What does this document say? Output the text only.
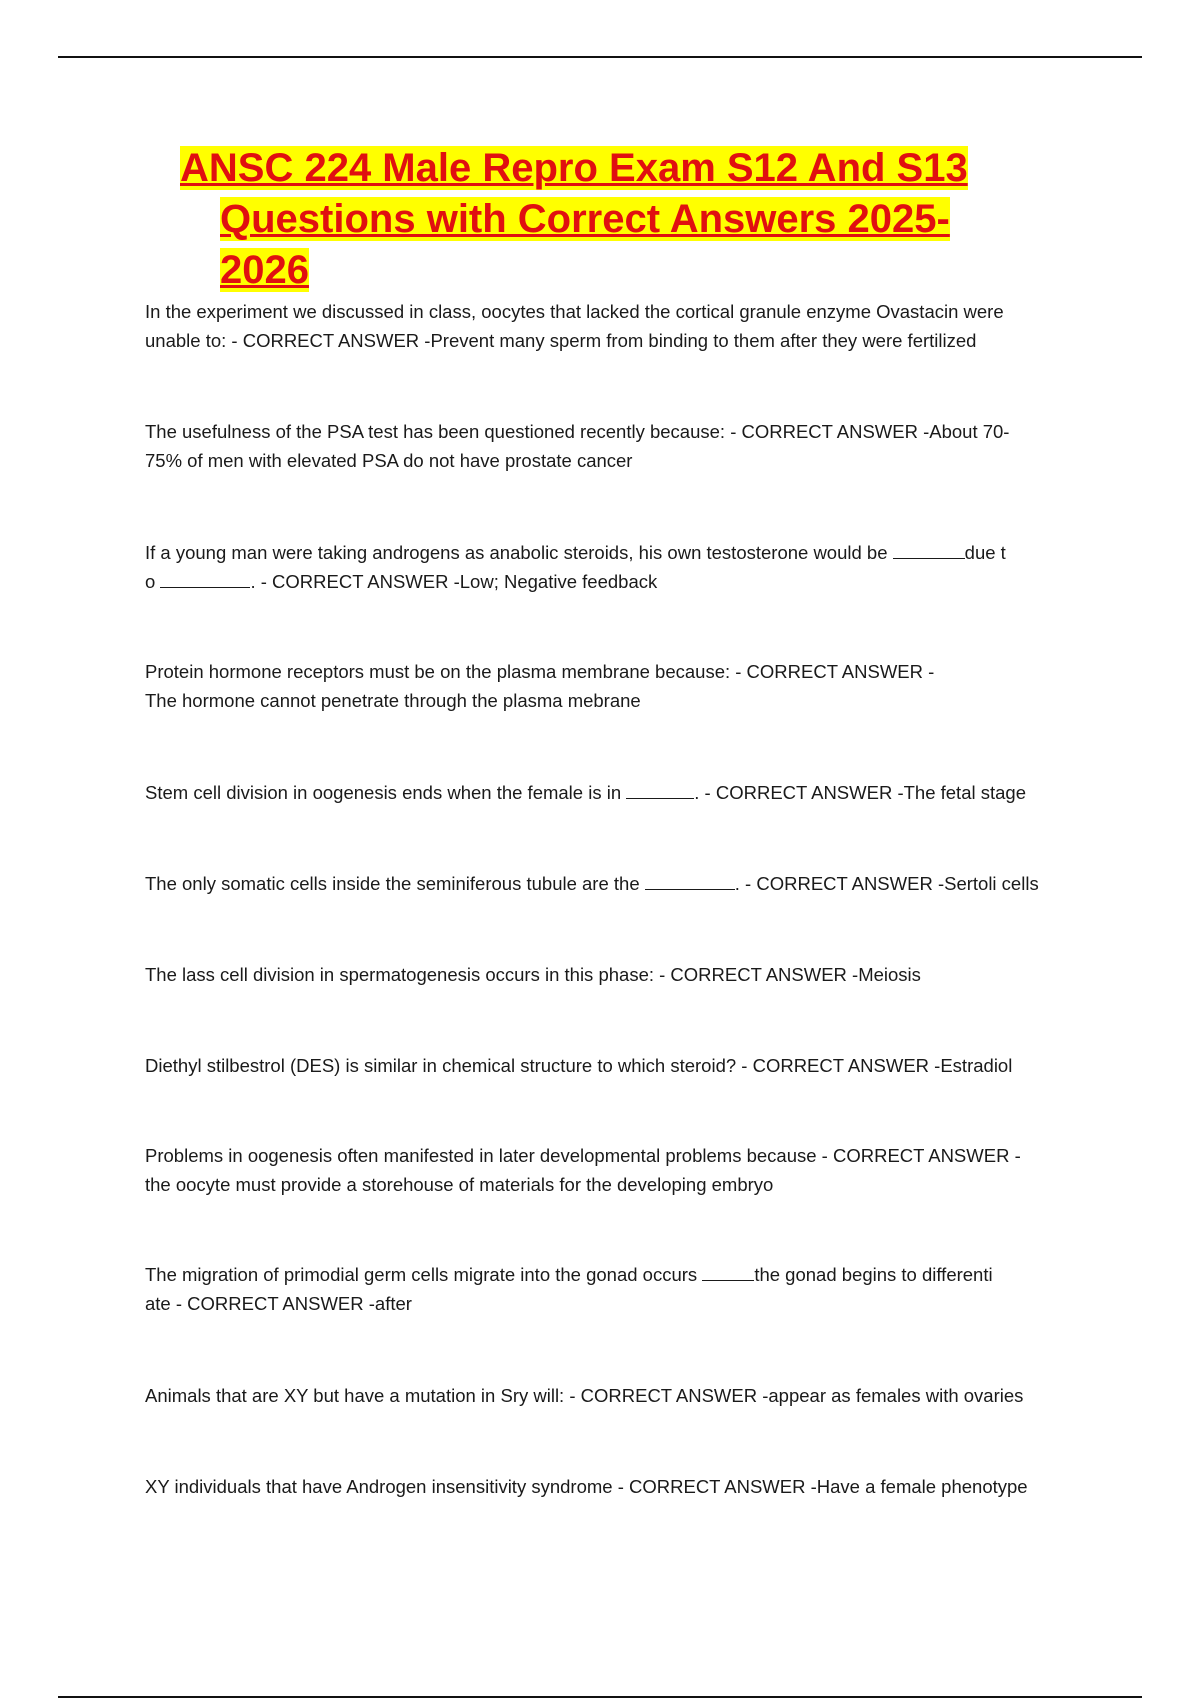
ANSC 224 Male Repro Exam S12 And S13
Questions with Correct Answers 2025-
2026

In the experiment we discussed in class, oocytes that lacked the cortical granule enzyme Ovastacin were
unable to: - CORRECT ANSWER -Prevent many sperm from binding to them after they were fertilized

The usefulness of the PSA test has been questioned recently because: - CORRECT ANSWER -About 70-
75% of men with elevated PSA do not have prostate cancer

If a young man were taking androgens as anabolic steroids, his own testosterone would be	due t
o	. - CORRECT ANSWER -Low; Negative feedback

Protein hormone receptors must be on the plasma membrane because: - CORRECT ANSWER -
The hormone cannot penetrate through the plasma mebrane

Stem cell division in oogenesis ends when the female is in	. - CORRECT ANSWER -The fetal stage

The only somatic cells inside the seminiferous tubule are the	. - CORRECT ANSWER -Sertoli cells

The lass cell division in spermatogenesis occurs in this phase: - CORRECT ANSWER -Meiosis

Diethyl stilbestrol (DES) is similar in chemical structure to which steroid? - CORRECT ANSWER -Estradiol

Problems in oogenesis often manifested in later developmental problems because - CORRECT ANSWER -
the oocyte must provide a storehouse of materials for the developing embryo

The migration of primodial germ cells migrate into the gonad occurs	the gonad begins to differenti
ate - CORRECT ANSWER -after

Animals that are XY but have a mutation in Sry will: - CORRECT ANSWER -appear as females with ovaries

XY individuals that have Androgen insensitivity syndrome - CORRECT ANSWER -Have a female phenotype
